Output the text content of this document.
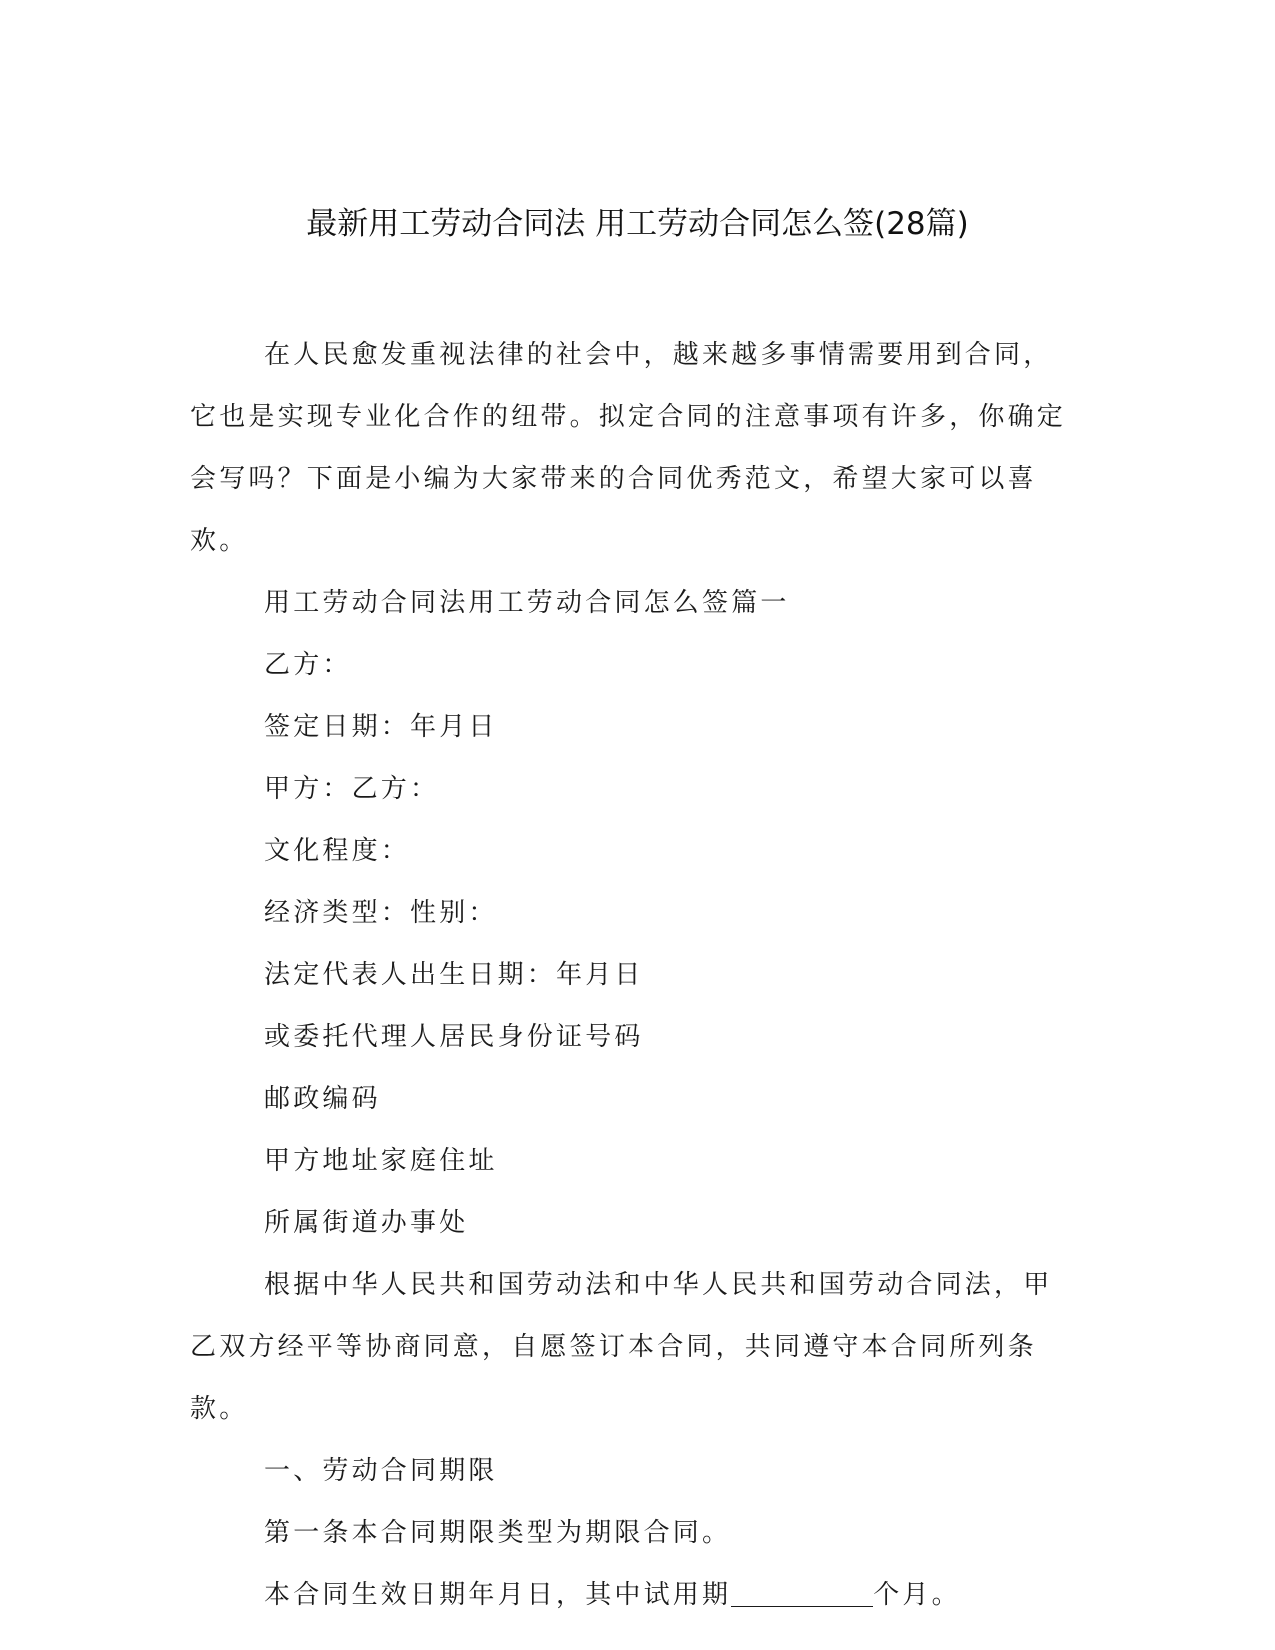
最新用工劳动合同法 用工劳动合同怎么签(28篇)

在人民愈发重视法律的社会中，越来越多事情需要用到合同，它也是实现专业化合作的纽带。拟定合同的注意事项有许多，你确定会写吗？下面是小编为大家带来的合同优秀范文，希望大家可以喜欢。

用工劳动合同法用工劳动合同怎么签篇一

乙方：

签定日期：年月日

甲方：乙方：

文化程度：

经济类型：性别：

法定代表人出生日期：年月日

或委托代理人居民身份证号码

邮政编码

甲方地址家庭住址

所属街道办事处

根据中华人民共和国劳动法和中华人民共和国劳动合同法，甲乙双方经平等协商同意，自愿签订本合同，共同遵守本合同所列条款。

一、劳动合同期限

第一条本合同期限类型为期限合同。

本合同生效日期年月日，其中试用期	个月。
